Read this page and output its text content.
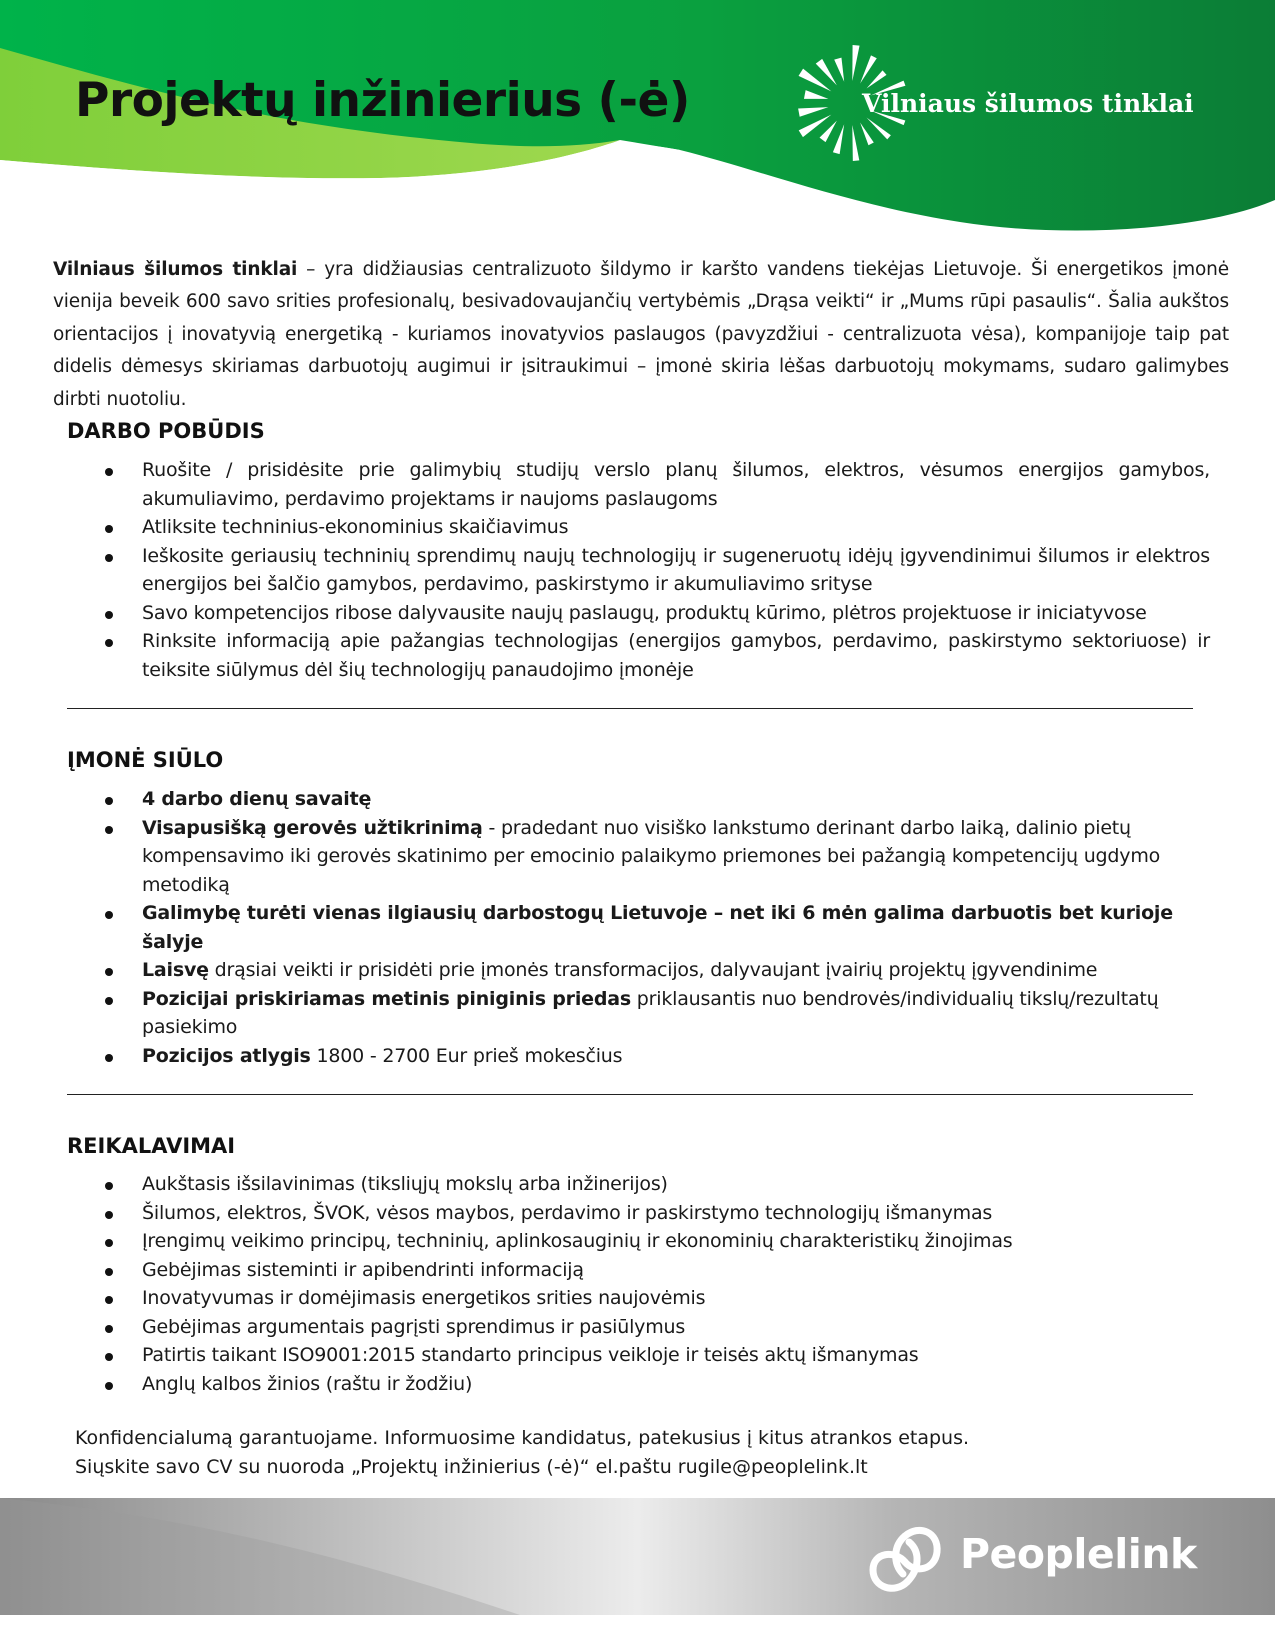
Projektų inžinierius (-ė)	Vilniaus šilumos tinklai

Vilniaus šilumos tinklai – yra didžiausias centralizuoto šildymo ir karšto vandens tiekėjas Lietuvoje. Ši energetikos įmonė vienija beveik 600 savo srities profesionalų, besivadovaujančių vertybėmis „Drąsa veikti“ ir „Mums rūpi pasaulis“. Šalia aukštos orientacijos į inovatyvią energetiką - kuriamos inovatyvios paslaugos (pavyzdžiui - centralizuota vėsa), kompanijoje taip pat didelis dėmesys skiriamas darbuotojų augimui ir įsitraukimui – įmonė skiria lėšas darbuotojų mokymams, sudaro galimybes dirbti nuotoliu.

DARBO POBŪDIS
Ruošite / prisidėsite prie galimybių studijų verslo planų šilumos, elektros, vėsumos energijos gamybos, akumuliavimo, perdavimo projektams ir naujoms paslaugoms
Atliksite techninius-ekonominius skaičiavimus
Ieškosite geriausių techninių sprendimų naujų technologijų ir sugeneruotų idėjų įgyvendinimui šilumos ir elektros energijos bei šalčio gamybos, perdavimo, paskirstymo ir akumuliavimo srityse
Savo kompetencijos ribose dalyvausite naujų paslaugų, produktų kūrimo, plėtros projektuose ir iniciatyvose
Rinksite informaciją apie pažangias technologijas (energijos gamybos, perdavimo, paskirstymo sektoriuose) ir teiksite siūlymus dėl šių technologijų panaudojimo įmonėje
ĮMONĖ SIŪLO
4 darbo dienų savaitę
Visapusišką gerovės užtikrinimą - pradedant nuo visiško lankstumo derinant darbo laiką, dalinio pietų kompensavimo iki gerovės skatinimo per emocinio palaikymo priemones bei pažangią kompetencijų ugdymo metodiką
Galimybę turėti vienas ilgiausių darbostogų Lietuvoje – net iki 6 mėn galima darbuotis bet kurioje šalyje
Laisvę drąsiai veikti ir prisidėti prie įmonės transformacijos, dalyvaujant įvairių projektų įgyvendinime
Pozicijai priskiriamas metinis piniginis priedas priklausantis nuo bendrovės/individualių tikslų/rezultatų pasiekimo
Pozicijos atlygis 1800 - 2700 Eur prieš mokesčius
REIKALAVIMAI
Aukštasis išsilavinimas (tiksliųjų mokslų arba inžinerijos)
Šilumos, elektros, ŠVOK, vėsos maybos, perdavimo ir paskirstymo technologijų išmanymas
Įrengimų veikimo principų, techninių, aplinkosauginių ir ekonominių charakteristikų žinojimas
Gebėjimas sisteminti ir apibendrinti informaciją
Inovatyvumas ir domėjimasis energetikos srities naujovėmis
Gebėjimas argumentais pagrįsti sprendimus ir pasiūlymus
Patirtis taikant ISO9001:2015 standarto principus veikloje ir teisės aktų išmanymas
Anglų kalbos žinios (raštu ir žodžiu)

Konfidencialumą garantuojame. Informuosime kandidatus, patekusius į kitus atrankos etapus.
Siųskite savo CV su nuoroda „Projektų inžinierius (-ė)“ el.paštu rugile@peoplelink.lt

Peoplelink
